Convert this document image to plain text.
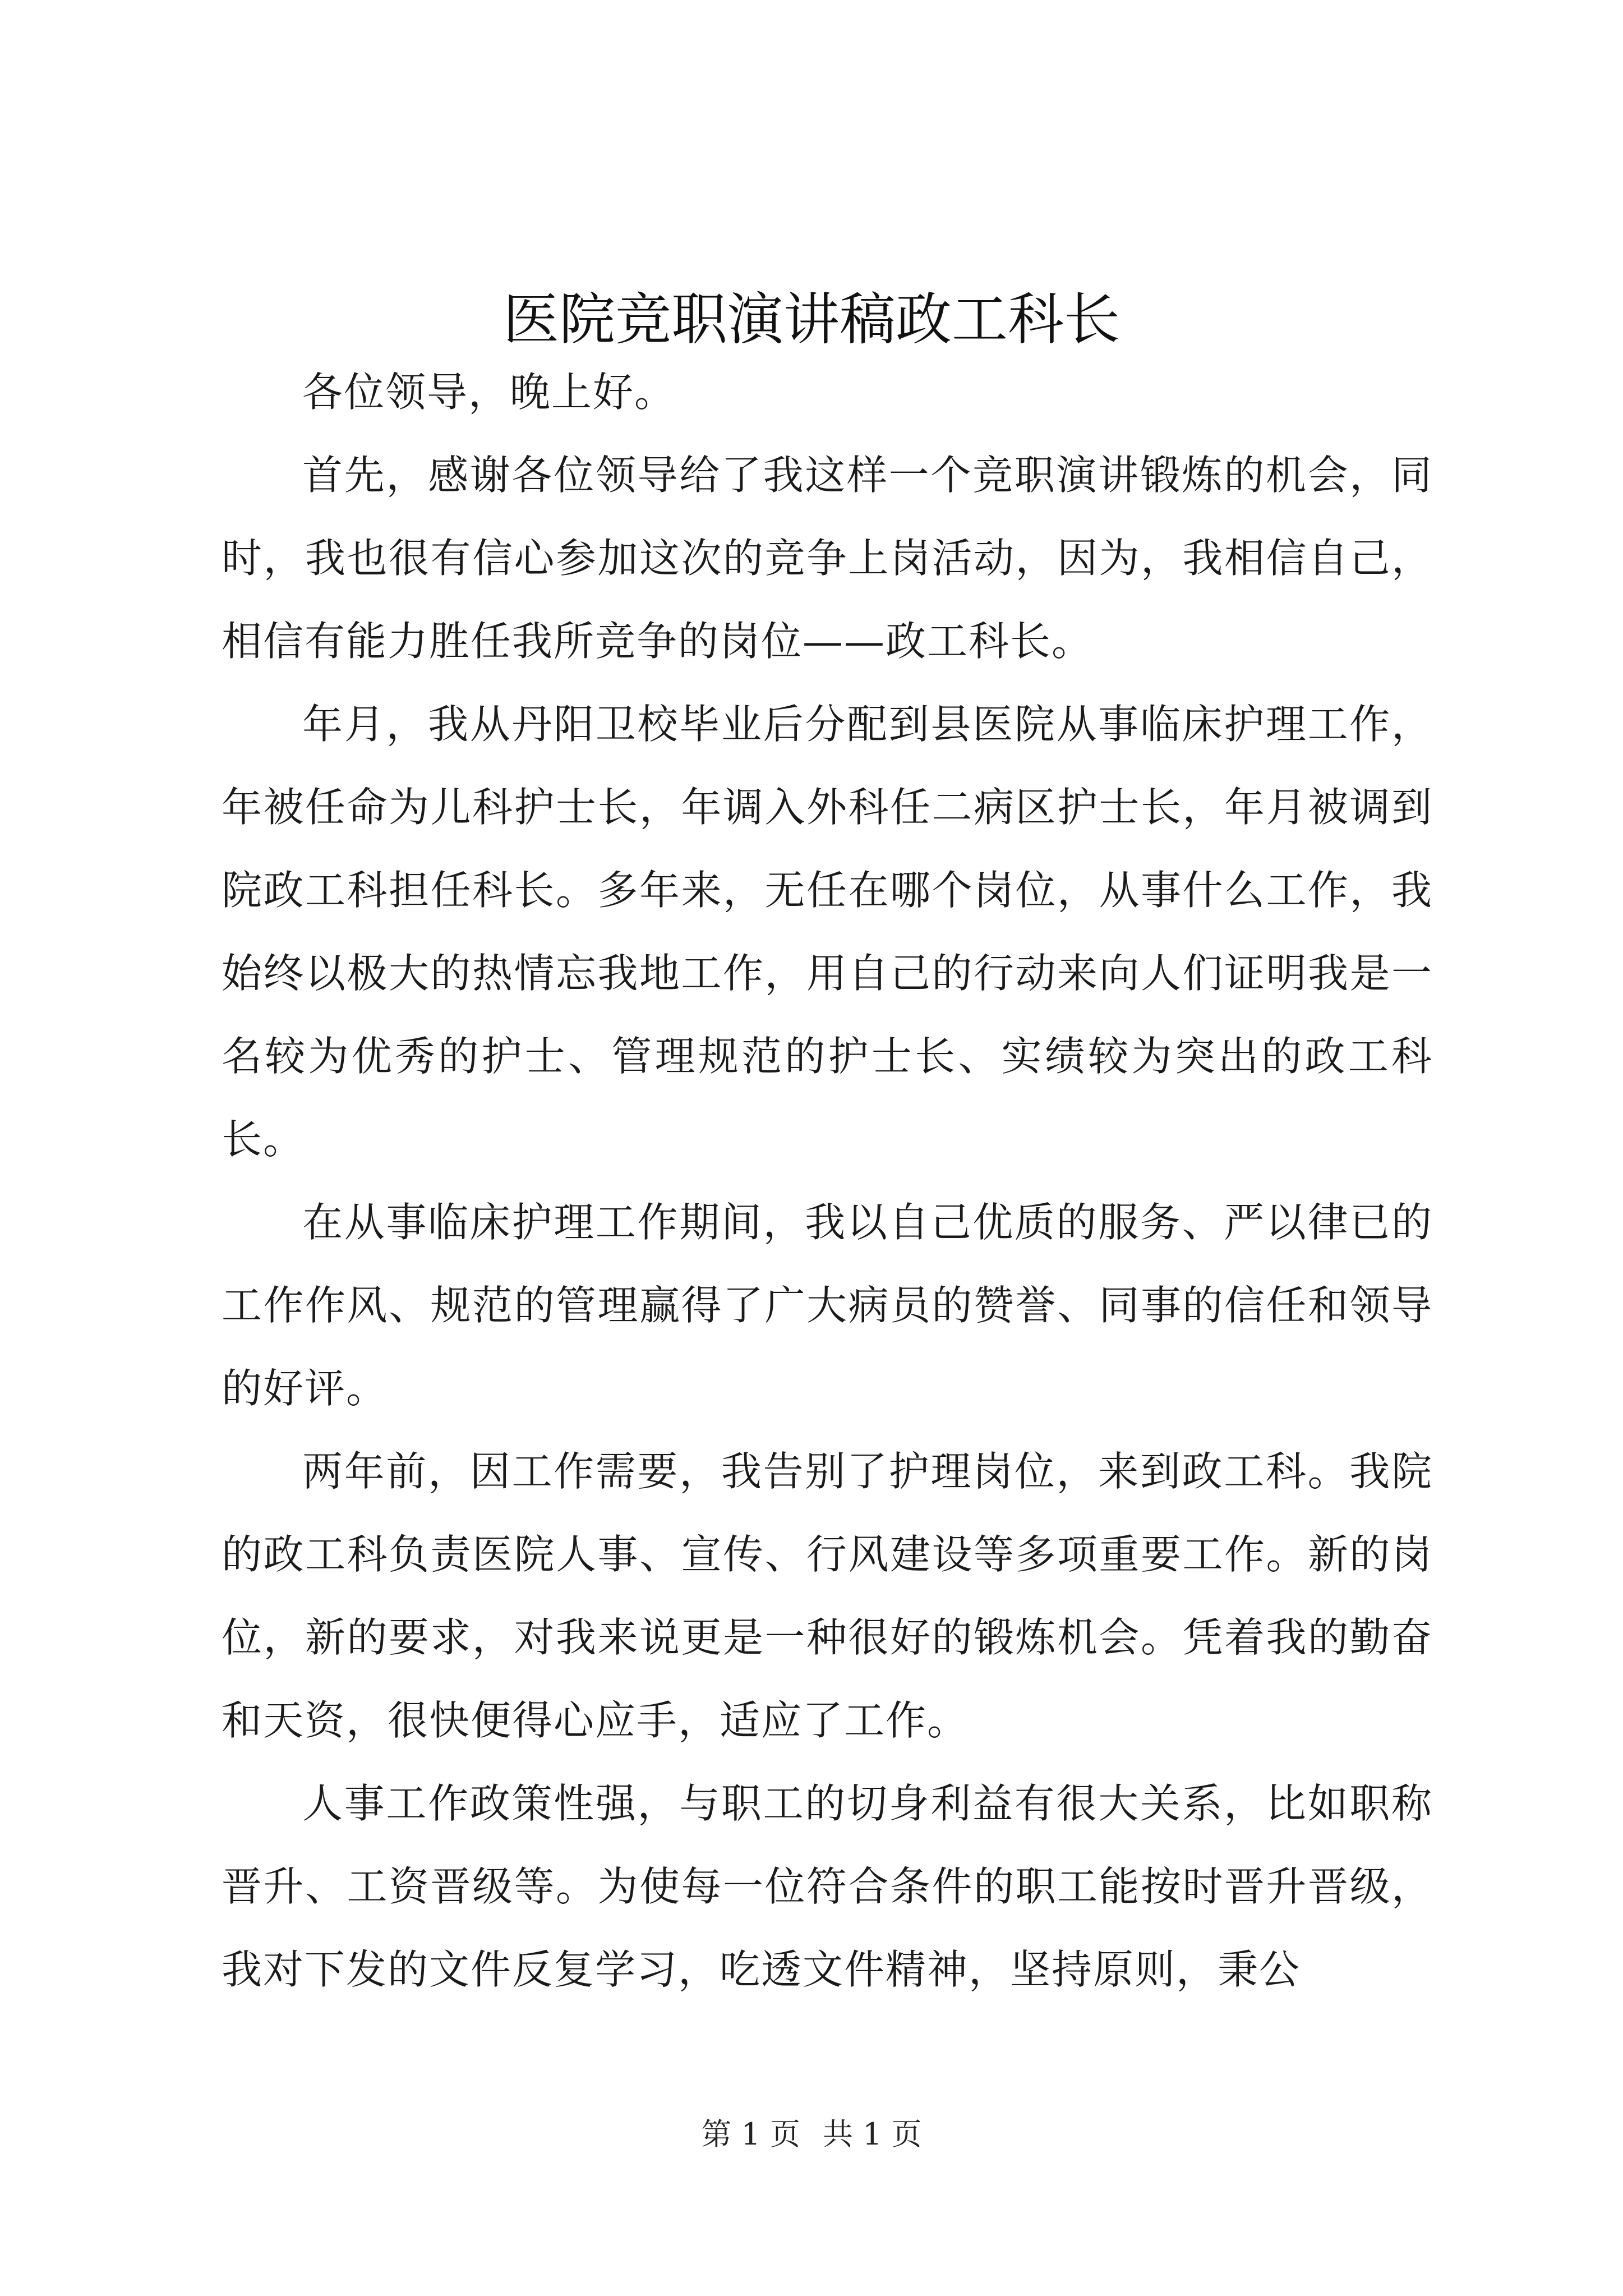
医院竞职演讲稿政工科长

各位领导，晚上好。

首先，感谢各位领导给了我这样一个竞职演讲锻炼的机会，同时，我也很有信心参加这次的竞争上岗活动，因为，我相信自己，相信有能力胜任我所竞争的岗位——政工科长。

年月，我从丹阳卫校毕业后分配到县医院从事临床护理工作，年被任命为儿科护士长，年调入外科任二病区护士长，年月被调到院政工科担任科长。多年来，无任在哪个岗位，从事什么工作，我始终以极大的热情忘我地工作，用自己的行动来向人们证明我是一名较为优秀的护士、管理规范的护士长、实绩较为突出的政工科长。

在从事临床护理工作期间，我以自己优质的服务、严以律已的工作作风、规范的管理赢得了广大病员的赞誉、同事的信任和领导的好评。

两年前，因工作需要，我告别了护理岗位，来到政工科。我院的政工科负责医院人事、宣传、行风建设等多项重要工作。新的岗位，新的要求，对我来说更是一种很好的锻炼机会。凭着我的勤奋和天资，很快便得心应手，适应了工作。

人事工作政策性强，与职工的切身利益有很大关系，比如职称晋升、工资晋级等。为使每一位符合条件的职工能按时晋升晋级，我对下发的文件反复学习，吃透文件精神，坚持原则，秉公

第 1 页 共 1 页
